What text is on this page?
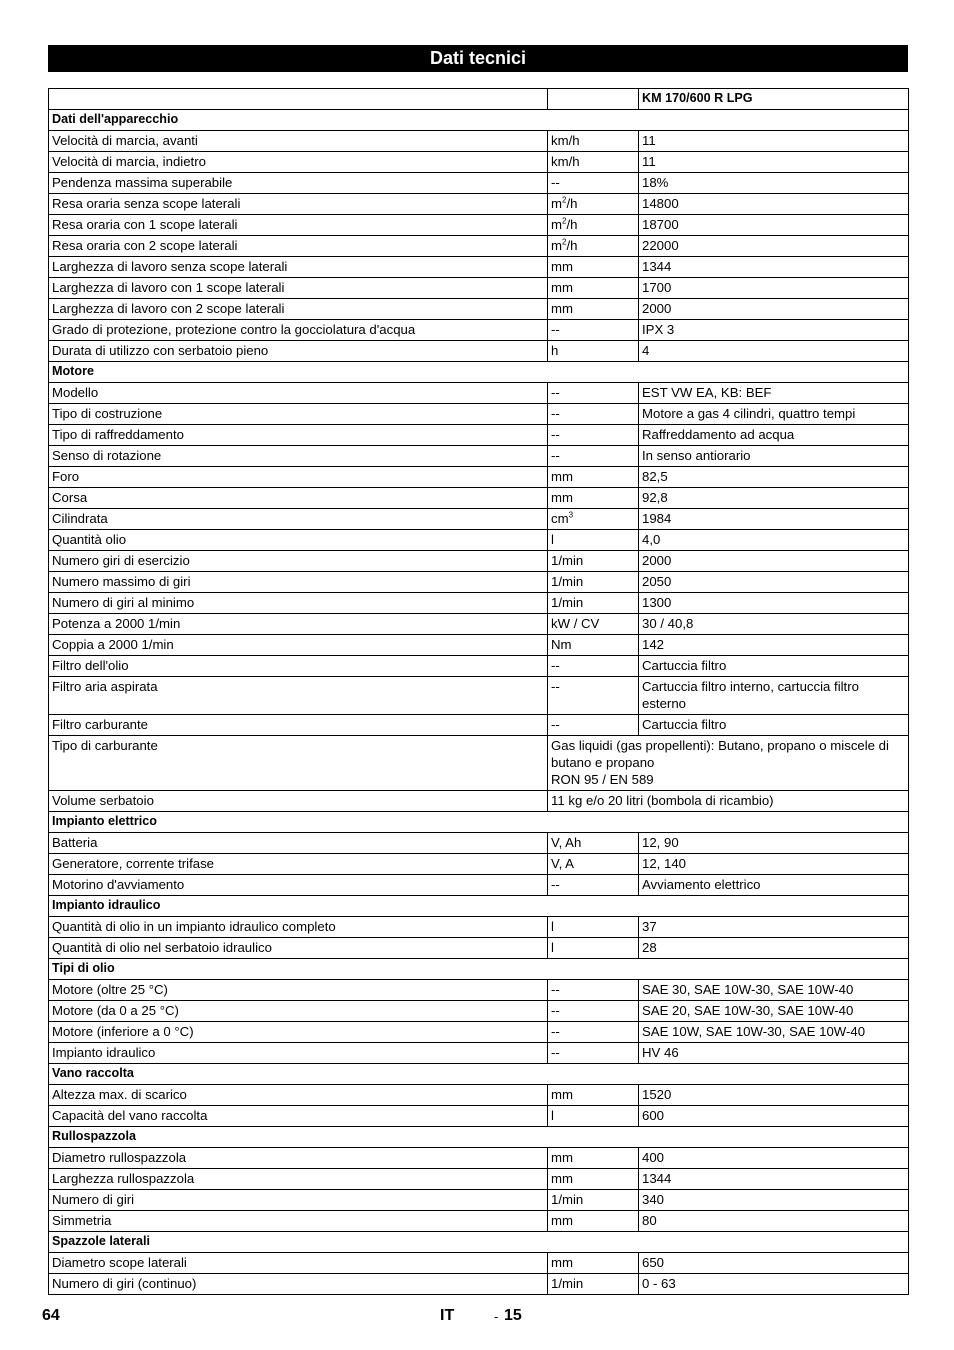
Dati tecnici
		KM 170/600 R LPG
Dati dell'apparecchio		
Velocità di marcia, avanti	km/h	11
Velocità di marcia, indietro	km/h	11
Pendenza massima superabile	--	18%
Resa oraria senza scope laterali	$m^2/h$	14800
Resa oraria con 1 scope laterali	$m^2/h$	18700
Resa oraria con 2 scope laterali	$m^2/h$	22000
Larghezza di lavoro senza scope laterali	mm	1344
Larghezza di lavoro con 1 scope laterali	mm	1700
Larghezza di lavoro con 2 scope laterali	mm	2000
Grado di protezione, protezione contro la gocciolatura d'acqua	--	IPX 3
Durata di utilizzo con serbatoio pieno	h	4
Motore		
Modello	--	EST VW EA, KB: BEF
Tipo di costruzione	--	Motore a gas 4 cilindri, quattro tempi
Tipo di raffreddamento	--	Raffreddamento ad acqua
Senso di rotazione	--	In senso antiorario
Foro	mm	82,5
Corsa	mm	92,8
Cilindrata	$cm^3$	1984
Quantità olio	l	4,0
Numero giri di esercizio	1/min	2000
Numero massimo di giri	1/min	2050
Numero di giri al minimo	1/min	1300
Potenza a 2000 1/min	kW / CV	30 / 40,8
Coppia a 2000 1/min	Nm	142
Filtro dell'olio	--	Cartuccia filtro
Filtro aria aspirata	--	Cartuccia filtro interno, cartuccia filtro esterno
Filtro carburante	--	Cartuccia filtro
Tipo di carburante	Gas liquidi (gas propellenti): Butano, propano o miscele di butano e propano
RON 95 / EN 589	

Volume serbatoio	11 kg e/o 20 litri (bombola di ricambio)	

Impianto elettrico		
Batteria	V, Ah	12, 90
Generatore, corrente trifase	V, A	12, 140
Motorino d'avviamento	--	Avviamento elettrico
Impianto idraulico		
Quantità di olio in un impianto idraulico completo	l	37
Quantità di olio nel serbatoio idraulico	l	28
Tipi di olio		
Motore (oltre 25 °C)	--	SAE 30, SAE 10W-30, SAE 10W-40
Motore (da 0 a 25 °C)	--	SAE 20, SAE 10W-30, SAE 10W-40
Motore (inferiore a 0 °C)	--	SAE 10W, SAE 10W-30, SAE 10W-40
Impianto idraulico	--	HV 46
Vano raccolta		
Altezza max. di scarico	mm	1520
Capacità del vano raccolta	l	600
Rullospazzola		
Diametro rullospazzola	mm	400
Larghezza rullospazzola	mm	1344
Numero di giri	1/min	340
Simmetria	mm	80
Spazzole laterali		
Diametro scope laterali	mm	650
Numero di giri (continuo)	1/min	0 - 63
64	IT	- 15
